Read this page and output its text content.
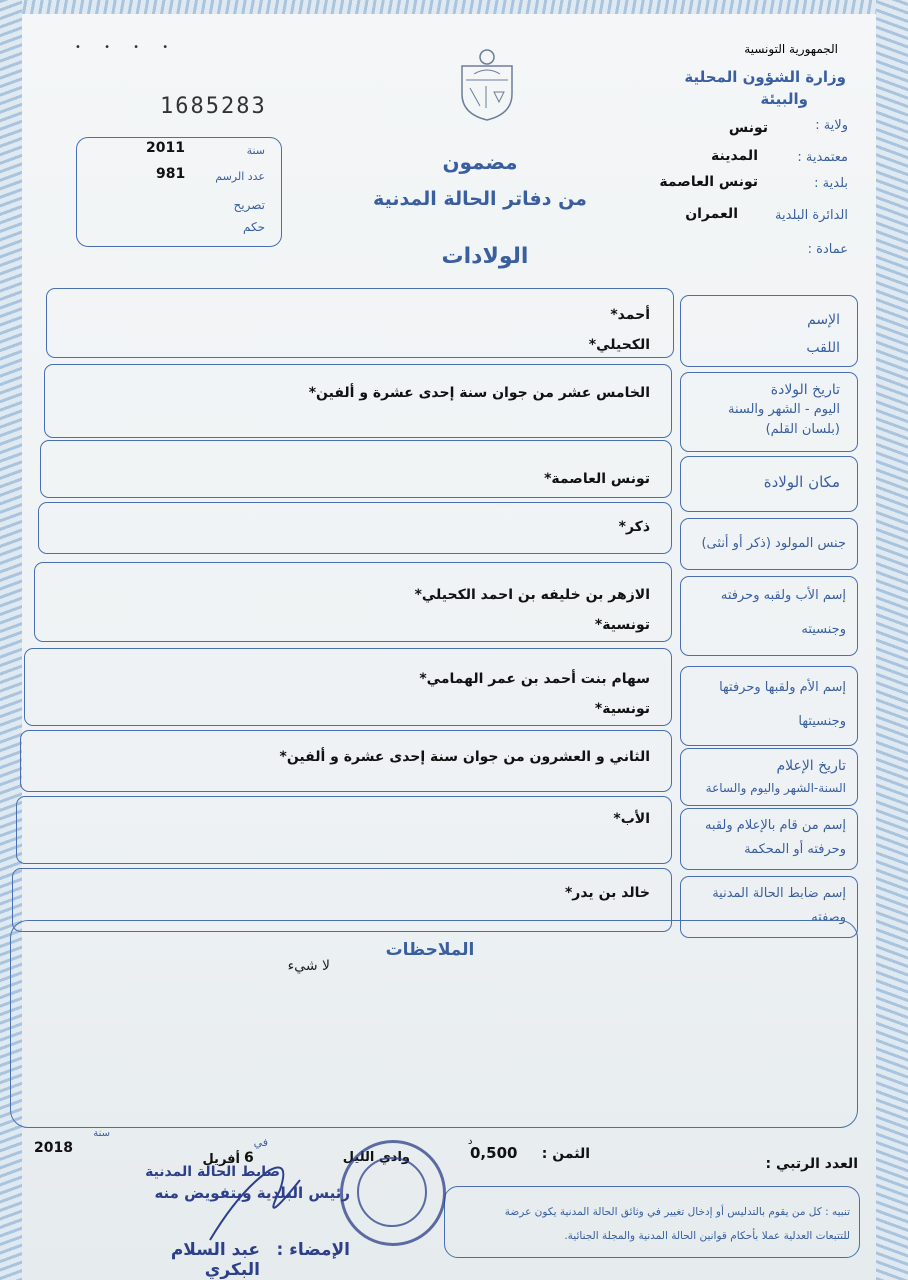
• • • •
1685283
الجمهورية التونسية
وزارة الشؤون المحلية
والبيئة
ولاية :
تونس
معتمدية :
المدينة
بلدية :
تونس العاصمة
الدائرة البلدية
العمران
عمادة :
سنة
2011
عدد الرسم
981
تصريح
حكم
مضمون
من دفاتر الحالة المدنية
الولادات
الإسم
اللقب
أحمد*
الكحيلي*
تاريخ الولادة
اليوم - الشهر والسنة
(بلسان القلم)
الخامس عشر من جوان سنة إحدى عشرة و ألفين*
مكان الولادة
تونس العاصمة*
جنس المولود (ذكر أو أنثى)
ذكر*
إسم الأب ولقبه وحرفته
وجنسيته
الازهر بن خليفه بن احمد الكحيلي*
تونسية*
إسم الأم ولقبها وحرفتها
وجنسيتها
سهام بنت أحمد بن عمر الهمامي*
تونسية*
تاريخ الإعلام
السنة-الشهر واليوم والساعة
الثاني و العشرون من جوان سنة إحدى عشرة و ألفين*
إسم من قام بالإعلام ولقبه
وحرفته أو المحكمة
الأب*
إسم ضابط الحالة المدنية
وصفته
خالد بن يدر*
الملاحظات
لا شيء
العدد الرتبي :
الثمن :
0,500
د
وادي الليل
في
6
أفريل
سنة
2018
ضابط الحالة المدنية
رئيس البلدية وبتفويض منه
الإمضاء :
عبد السلام البكري
تنبيه : كل من يقوم بالتدليس أو إدخال تغيير في وثائق الحالة المدنية يكون عرضة
للتتبعات العدلية عملا بأحكام قوانين الحالة المدنية والمجلة الجنائية.
